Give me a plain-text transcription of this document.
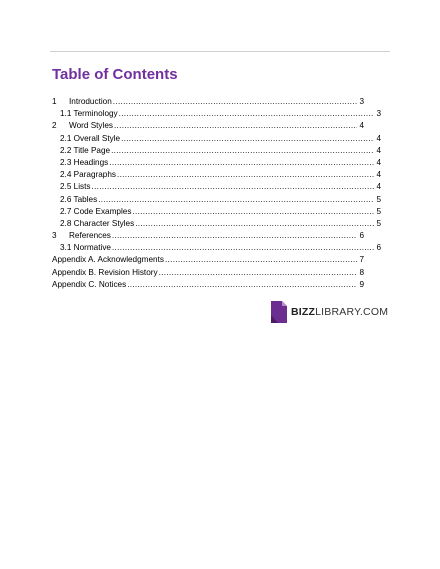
Table of Contents
1	Introduction .....	3
1.1 Terminology .....	3
2	Word Styles .....	4
2.1 Overall Style .....	4
2.2 Title Page .....	4
2.3 Headings .....	4
2.4 Paragraphs .....	4
2.5 Lists .....	4
2.6 Tables .....	5
2.7 Code Examples .....	5
2.8 Character Styles .....	5
3	References .....	6
3.1 Normative .....	6
Appendix A. Acknowledgments .....	7
Appendix B. Revision History .....	8
Appendix C. Notices .....	9
BIZZLIBRARY.COM
